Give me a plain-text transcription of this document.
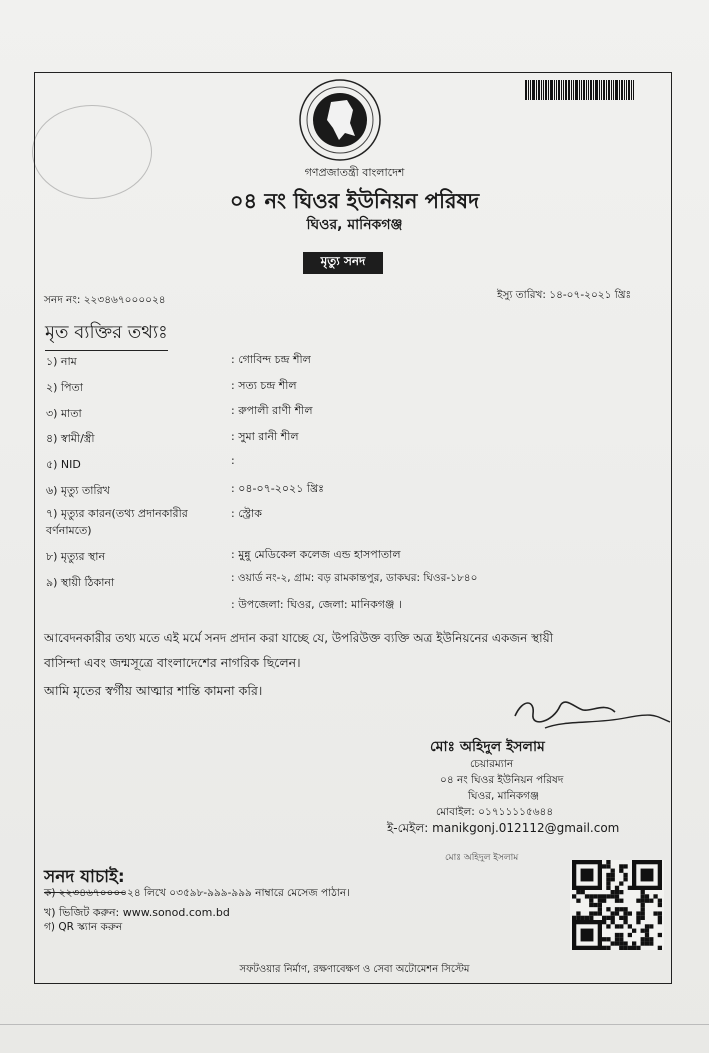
গণপ্রজাতন্ত্রী বাংলাদেশ
০৪ নং ঘিওর ইউনিয়ন পরিষদ
ঘিওর, মানিকগঞ্জ
মৃত্যু সনদ
সনদ নং: ২২৩৪৬৭০০০০২৪	ইস্যু তারিখ: ১৪-০৭-২০২১ খ্রিঃ
মৃত ব্যক্তির তথ্যঃ
১) নাম	: গোবিন্দ চন্দ্র শীল
২) পিতা	: সত্য চন্দ্র শীল
৩) মাতা	: রুপালী রাণী শীল
৪) স্বামী/স্ত্রী	: সুমা রানী শীল
৫) NID	:
৬) মৃত্যু তারিখ	: ০৪-০৭-২০২১ খ্রিঃ
৭) মৃত্যুর কারন(তথ্য প্রদানকারীর
বর্ণনামতে)
: স্ট্রোক
৮) মৃত্যুর স্থান	: মুন্নু মেডিকেল কলেজ এন্ড হাসপাতাল
৯) স্থায়ী ঠিকানা	: ওয়ার্ড নং-২, গ্রাম: বড় রামকান্তপুর, ডাকঘর: ঘিওর-১৮৪০
: উপজেলা: ঘিওর, জেলা: মানিকগঞ্জ ।
আবেদনকারীর তথ্য মতে এই মর্মে সনদ প্রদান করা যাচ্ছে যে, উপরিউক্ত ব্যক্তি অত্র ইউনিয়নের একজন স্থায়ী
বাসিন্দা এবং জন্মসূত্রে বাংলাদেশের নাগরিক ছিলেন।
আমি মৃতের স্বর্গীয় আত্মার শান্তি কামনা করি।
মোঃ অহিদুল ইসলাম
চেয়ারম্যান
০৪ নং ঘিওর ইউনিয়ন পরিষদ
ঘিওর, মানিকগঞ্জ
মোবাইল: ০১৭১১১১৫৬৪৪
ই-মেইল: manikgonj.012112@gmail.com
মোঃ অহিদুল ইসলাম
সনদ যাচাই:
ক) ২২৩৪৬৭০০০০২৪ লিখে ০৩৫৯৮-৯৯৯-৯৯৯ নাম্বারে মেসেজ পাঠান।
খ) ভিজিট করুন: www.sonod.com.bd
গ) QR স্ক্যান করুন
সফটওয়ার নির্মাণ, রক্ষণাবেক্ষণ ও সেবা অটোমেশন সিস্টেম
